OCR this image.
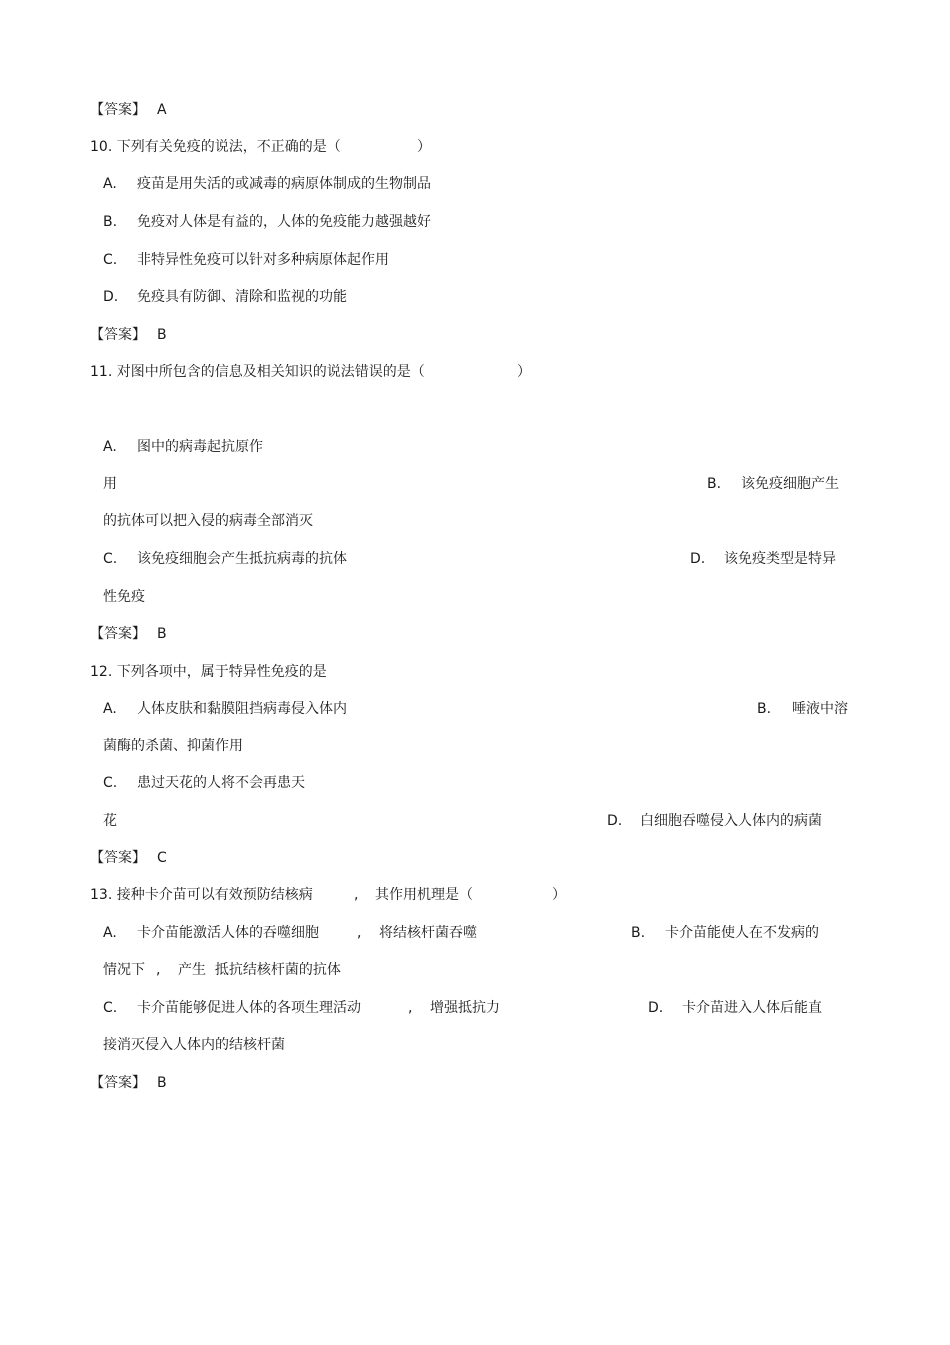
【答案】 A
10. 下列有关免疫的说法，不正确的是（	）
A. 疫苗是用失活的或减毒的病原体制成的生物制品
B. 免疫对人体是有益的，人体的免疫能力越强越好
C. 非特异性免疫可以针对多种病原体起作用
D. 免疫具有防御、清除和监视的功能
【答案】 B
11. 对图中所包含的信息及相关知识的说法错误的是（	）
A. 图中的病毒起抗原作
用	B. 该免疫细胞产生
的抗体可以把入侵的病毒全部消灭
C. 该免疫细胞会产生抵抗病毒的抗体	D. 该免疫类型是特异
性免疫
【答案】 B
12. 下列各项中，属于特异性免疫的是
A. 人体皮肤和黏膜阻挡病毒侵入体内	B. 唾液中溶
菌酶的杀菌、抑菌作用
C. 患过天花的人将不会再患天
花	D. 白细胞吞噬侵入人体内的病菌
【答案】 C
13. 接种卡介苗可以有效预防结核病	, 其作用机理是（	）
A. 卡介苗能激活人体的吞噬细胞	, 将结核杆菌吞噬	B. 卡介苗能使人在不发病的
情况下 , 产生  抵抗结核杆菌的抗体
C. 卡介苗能够促进人体的各项生理活动	, 增强抵抗力	D. 卡介苗进入人体后能直
接消灭侵入人体内的结核杆菌
【答案】 B
